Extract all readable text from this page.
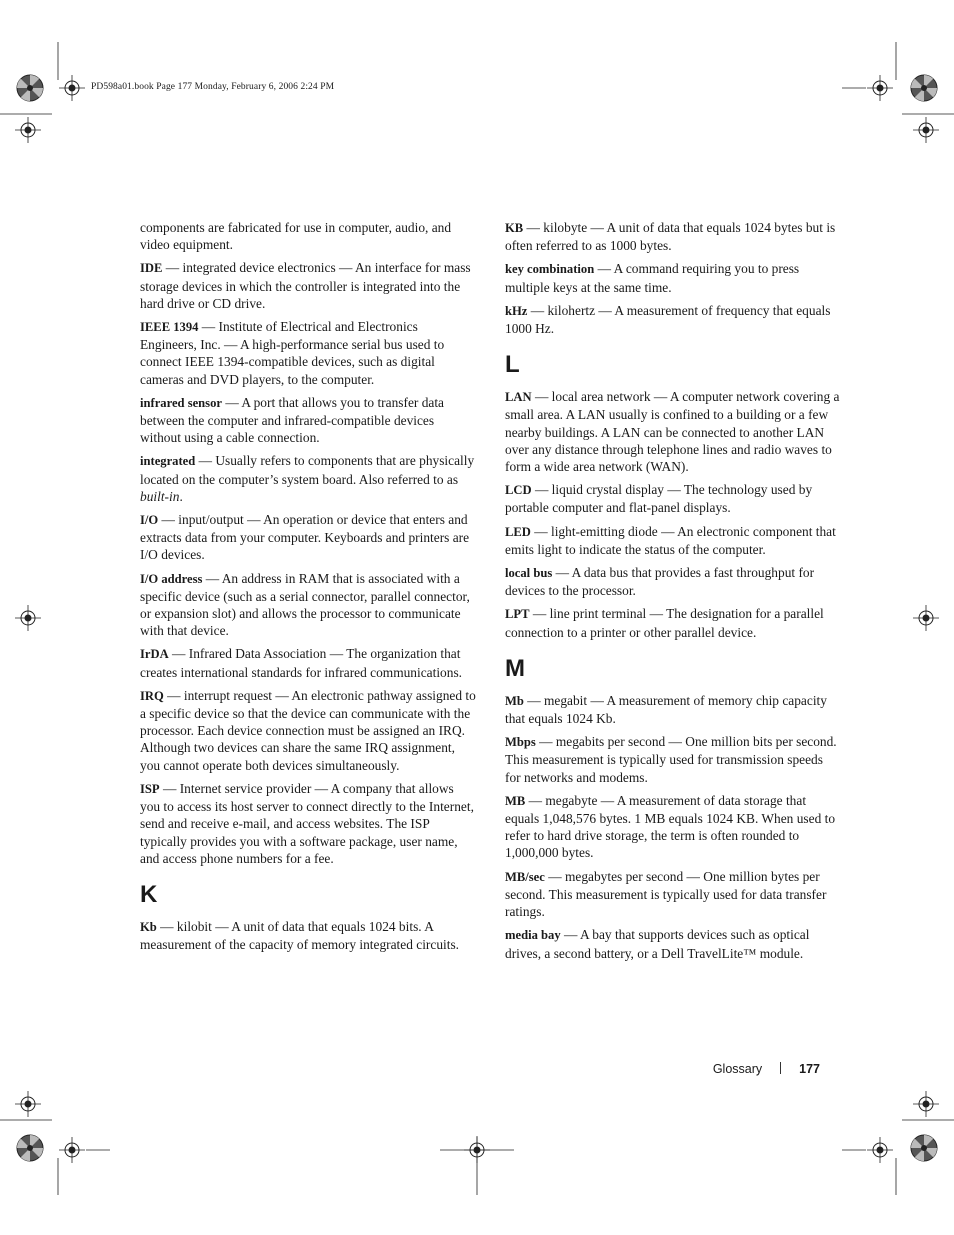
PD598a01.book Page 177 Monday, February 6, 2006 2:24 PM

components are fabricated for use in computer, audio, and video equipment.

IDE — integrated device electronics — An interface for mass storage devices in which the controller is integrated into the hard drive or CD drive.

IEEE 1394 — Institute of Electrical and Electronics Engineers, Inc. — A high-performance serial bus used to connect IEEE 1394-compatible devices, such as digital cameras and DVD players, to the computer.

infrared sensor — A port that allows you to transfer data between the computer and infrared-compatible devices without using a cable connection.

integrated — Usually refers to components that are physically located on the computer’s system board. Also referred to as built-in.

I/O — input/output — An operation or device that enters and extracts data from your computer. Keyboards and printers are I/O devices.

I/O address — An address in RAM that is associated with a specific device (such as a serial connector, parallel connector, or expansion slot) and allows the processor to communicate with that device.

IrDA — Infrared Data Association — The organization that creates international standards for infrared communications.

IRQ — interrupt request — An electronic pathway assigned to a specific device so that the device can communicate with the processor. Each device connection must be assigned an IRQ. Although two devices can share the same IRQ assignment, you cannot operate both devices simultaneously.

ISP — Internet service provider — A company that allows you to access its host server to connect directly to the Internet, send and receive e-mail, and access websites. The ISP typically provides you with a software package, user name, and access phone numbers for a fee.

K

Kb — kilobit — A unit of data that equals 1024 bits. A measurement of the capacity of memory integrated circuits.

KB — kilobyte — A unit of data that equals 1024 bytes but is often referred to as 1000 bytes.

key combination — A command requiring you to press multiple keys at the same time.

kHz — kilohertz — A measurement of frequency that equals 1000 Hz.

L

LAN — local area network — A computer network covering a small area. A LAN usually is confined to a building or a few nearby buildings. A LAN can be connected to another LAN over any distance through telephone lines and radio waves to form a wide area network (WAN).

LCD — liquid crystal display — The technology used by portable computer and flat-panel displays.

LED — light-emitting diode — An electronic component that emits light to indicate the status of the computer.

local bus — A data bus that provides a fast throughput for devices to the processor.

LPT — line print terminal — The designation for a parallel connection to a printer or other parallel device.

M

Mb — megabit — A measurement of memory chip capacity that equals 1024 Kb.

Mbps — megabits per second — One million bits per second. This measurement is typically used for transmission speeds for networks and modems.

MB — megabyte — A measurement of data storage that equals 1,048,576 bytes. 1 MB equals 1024 KB. When used to refer to hard drive storage, the term is often rounded to 1,000,000 bytes.

MB/sec — megabytes per second — One million bytes per second. This measurement is typically used for data transfer ratings.

media bay — A bay that supports devices such as optical drives, a second battery, or a Dell TravelLite™ module.

Glossary	177
